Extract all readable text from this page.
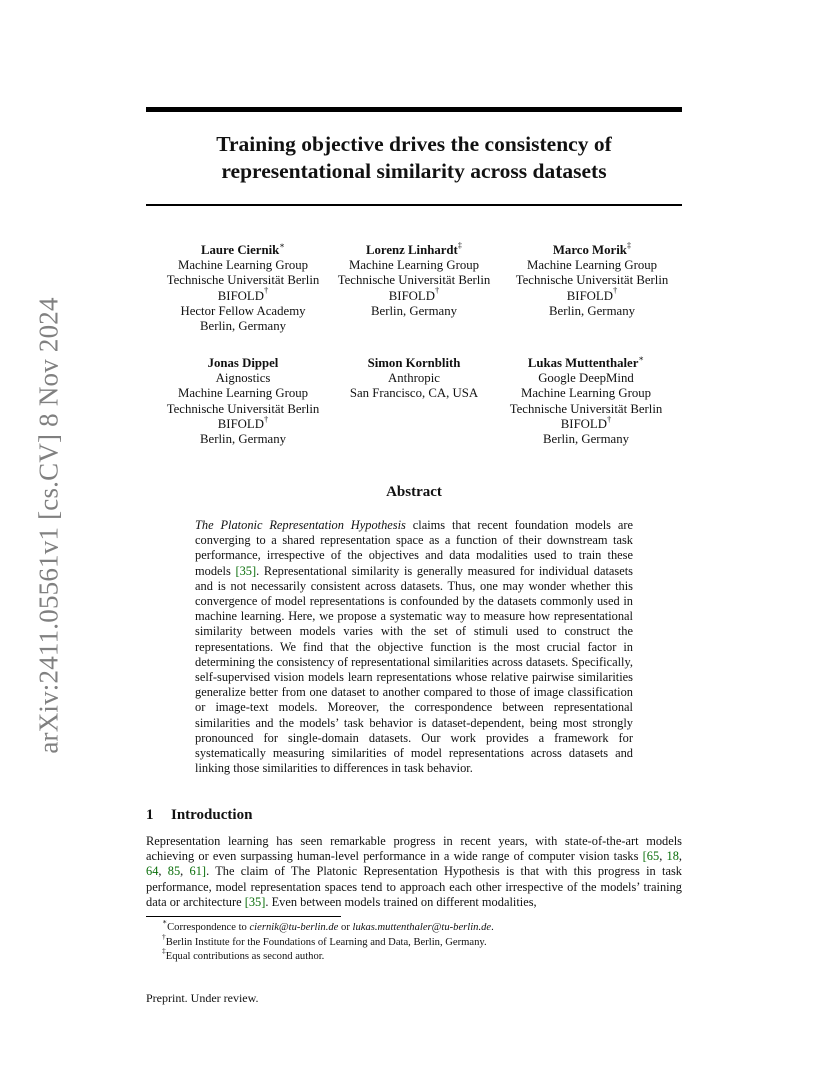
arXiv:2411.05561v1 [cs.CV] 8 Nov 2024
Training objective drives the consistency of
representational similarity across datasets
Laure Ciernik∗
Machine Learning Group
Technische Universität Berlin
BIFOLD†
Hector Fellow Academy
Berlin, Germany
Lorenz Linhardt‡
Machine Learning Group
Technische Universität Berlin
BIFOLD†
Berlin, Germany
Marco Morik‡
Machine Learning Group
Technische Universität Berlin
BIFOLD†
Berlin, Germany
Jonas Dippel
Aignostics
Machine Learning Group
Technische Universität Berlin
BIFOLD†
Berlin, Germany
Simon Kornblith
Anthropic
San Francisco, CA, USA
Lukas Muttenthaler∗
Google DeepMind
Machine Learning Group
Technische Universität Berlin
BIFOLD†
Berlin, Germany
Abstract
The Platonic Representation Hypothesis claims that recent foundation models are converging to a shared representation space as a function of their downstream task performance, irrespective of the objectives and data modalities used to train these models [35]. Representational similarity is generally measured for individual datasets and is not necessarily consistent across datasets. Thus, one may wonder whether this convergence of model representations is confounded by the datasets commonly used in machine learning. Here, we propose a systematic way to measure how representational similarity between models varies with the set of stimuli used to construct the representations. We find that the objective function is the most crucial factor in determining the consistency of representational similarities across datasets. Specifically, self-supervised vision models learn representations whose relative pairwise similarities generalize better from one dataset to another compared to those of image classification or image-text models. Moreover, the correspondence between representational similarities and the models’ task behavior is dataset-dependent, being most strongly pronounced for single-domain datasets. Our work provides a framework for systematically measuring similarities of model representations across datasets and linking those similarities to differences in task behavior.
1 Introduction
Representation learning has seen remarkable progress in recent years, with state-of-the-art models achieving or even surpassing human-level performance in a wide range of computer vision tasks [65, 18, 64, 85, 61]. The claim of The Platonic Representation Hypothesis is that with this progress in task performance, model representation spaces tend to approach each other irrespective of the models’ training data or architecture [35]. Even between models trained on different modalities,
∗Correspondence to ciernik@tu-berlin.de or lukas.muttenthaler@tu-berlin.de.
†Berlin Institute for the Foundations of Learning and Data, Berlin, Germany.
‡Equal contributions as second author.
Preprint. Under review.
